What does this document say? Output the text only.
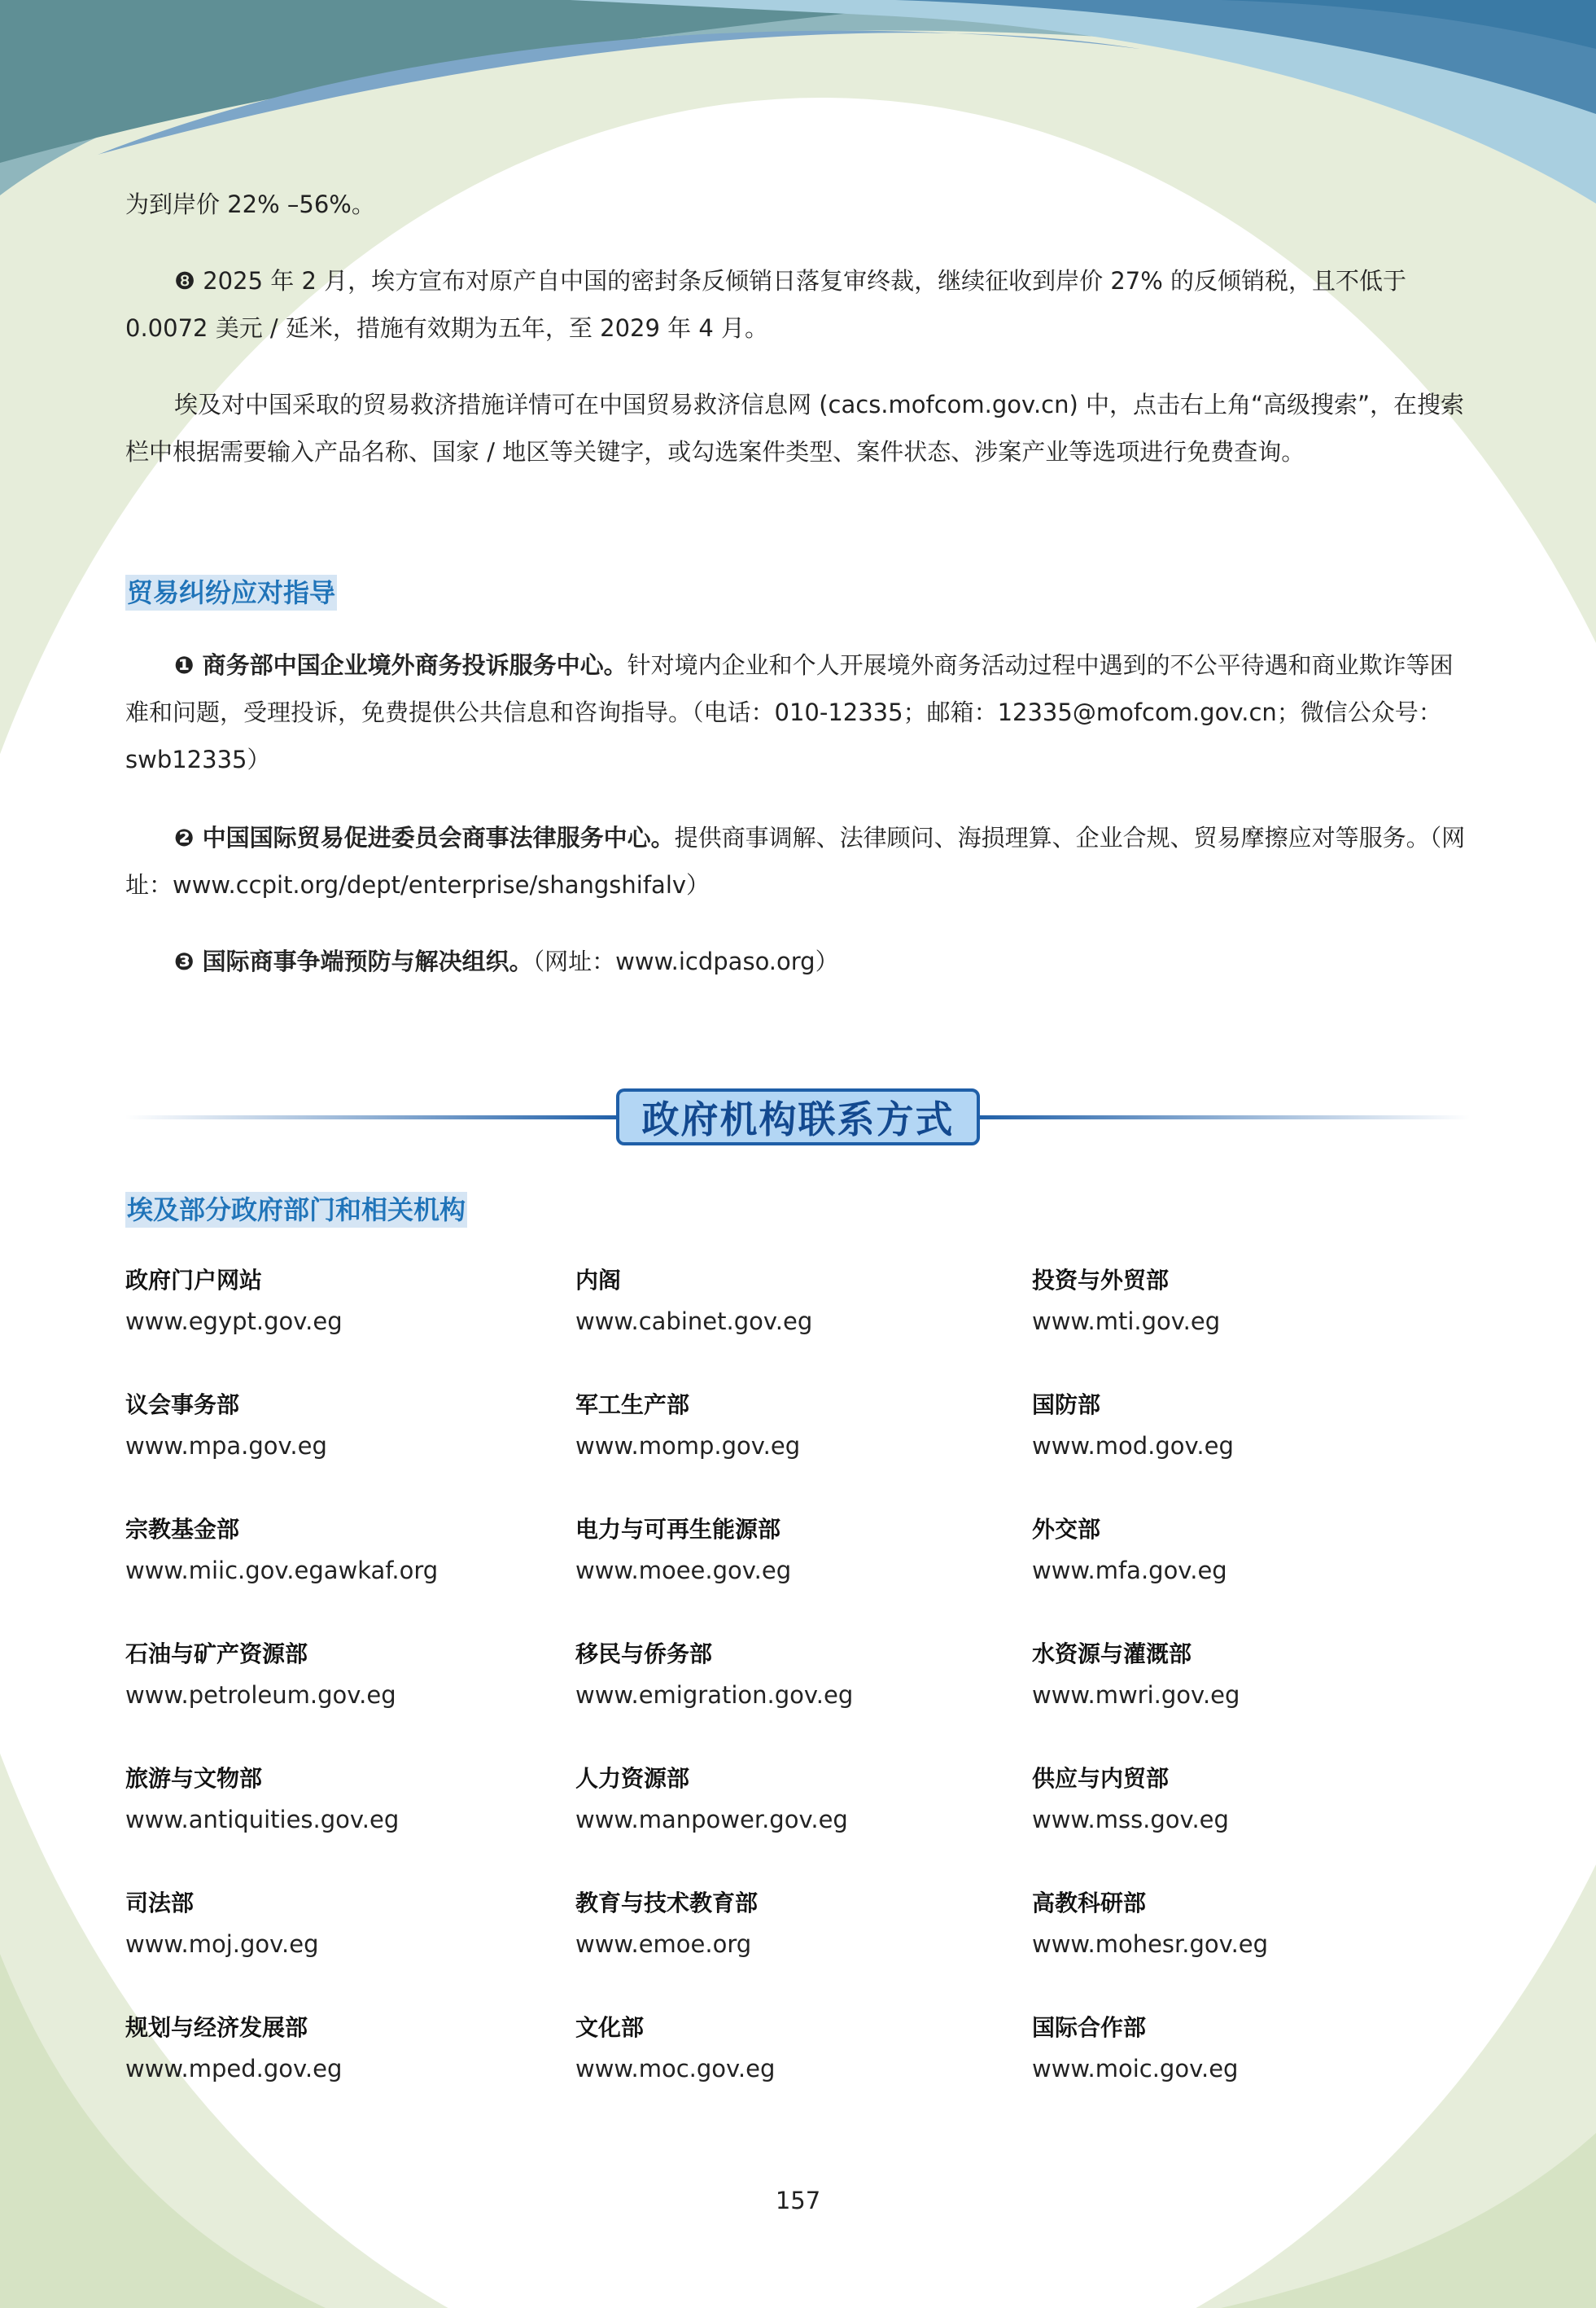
为到岸价 22% –56%。

❽ 2025 年 2 月，埃方宣布对原产自中国的密封条反倾销日落复审终裁，继续征收到岸价 27% 的反倾销税，且不低于 0.0072 美元 / 延米，措施有效期为五年，至 2029 年 4 月。

埃及对中国采取的贸易救济措施详情可在中国贸易救济信息网 (cacs.mofcom.gov.cn) 中，点击右上角“高级搜索”，在搜索栏中根据需要输入产品名称、国家 / 地区等关键字，或勾选案件类型、案件状态、涉案产业等选项进行免费查询。

贸易纠纷应对指导

❶ 商务部中国企业境外商务投诉服务中心。针对境内企业和个人开展境外商务活动过程中遇到的不公平待遇和商业欺诈等困难和问题，受理投诉，免费提供公共信息和咨询指导。（电话：010-12335；邮箱：12335@mofcom.gov.cn；微信公众号：swb12335）

❷ 中国国际贸易促进委员会商事法律服务中心。提供商事调解、法律顾问、海损理算、企业合规、贸易摩擦应对等服务。（网址：www.ccpit.org/dept/enterprise/shangshifalv）

❸ 国际商事争端预防与解决组织。（网址：www.icdpaso.org）

政府机构联系方式
埃及部分政府部门和相关机构
政府门户网站
www.egypt.gov.eg
内阁
www.cabinet.gov.eg
投资与外贸部
www.mti.gov.eg
议会事务部
www.mpa.gov.eg
军工生产部
www.momp.gov.eg
国防部
www.mod.gov.eg
宗教基金部
www.miic.gov.egawkaf.org
电力与可再生能源部
www.moee.gov.eg
外交部
www.mfa.gov.eg
石油与矿产资源部
www.petroleum.gov.eg
移民与侨务部
www.emigration.gov.eg
水资源与灌溉部
www.mwri.gov.eg
旅游与文物部
www.antiquities.gov.eg
人力资源部
www.manpower.gov.eg
供应与内贸部
www.mss.gov.eg
司法部
www.moj.gov.eg
教育与技术教育部
www.emoe.org
高教科研部
www.mohesr.gov.eg
规划与经济发展部
www.mped.gov.eg
文化部
www.moc.gov.eg
国际合作部
www.moic.gov.eg
157
